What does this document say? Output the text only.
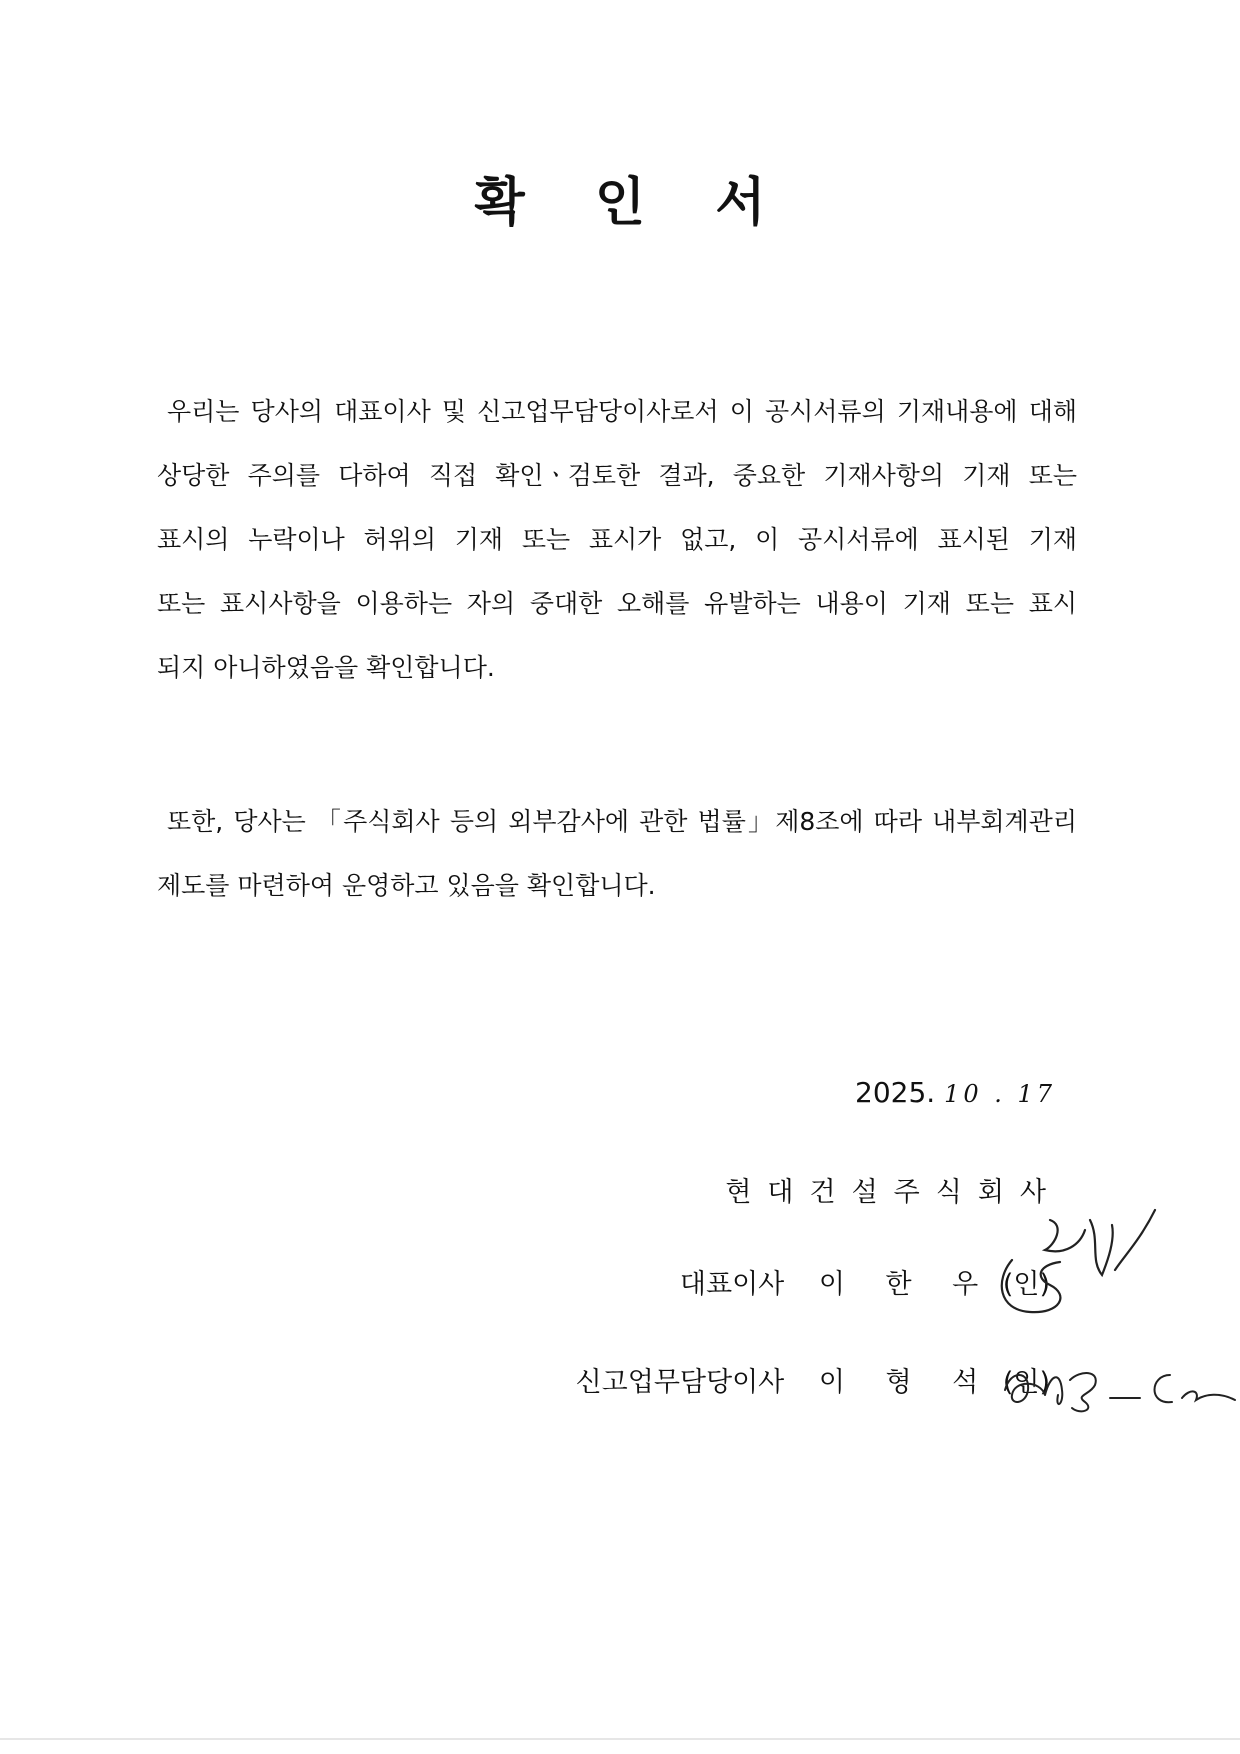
확 인 서
우리는 당사의 대표이사 및 신고업무담당이사로서 이 공시서류의 기재내용에 대해
상당한 주의를 다하여 직접 확인ㆍ검토한 결과, 중요한 기재사항의 기재 또는
표시의 누락이나 허위의 기재 또는 표시가 없고, 이 공시서류에 표시된 기재
또는 표시사항을 이용하는 자의 중대한 오해를 유발하는 내용이 기재 또는 표시
되지 아니하였음을 확인합니다.
또한, 당사는 「주식회사 등의 외부감사에 관한 법률」제8조에 따라 내부회계관리
제도를 마련하여 운영하고 있음을 확인합니다.
2025. 10 . 17
현대건설주식회사
대표이사 이 한 우 (인)
신고업무담당이사 이 형 석 (인)
